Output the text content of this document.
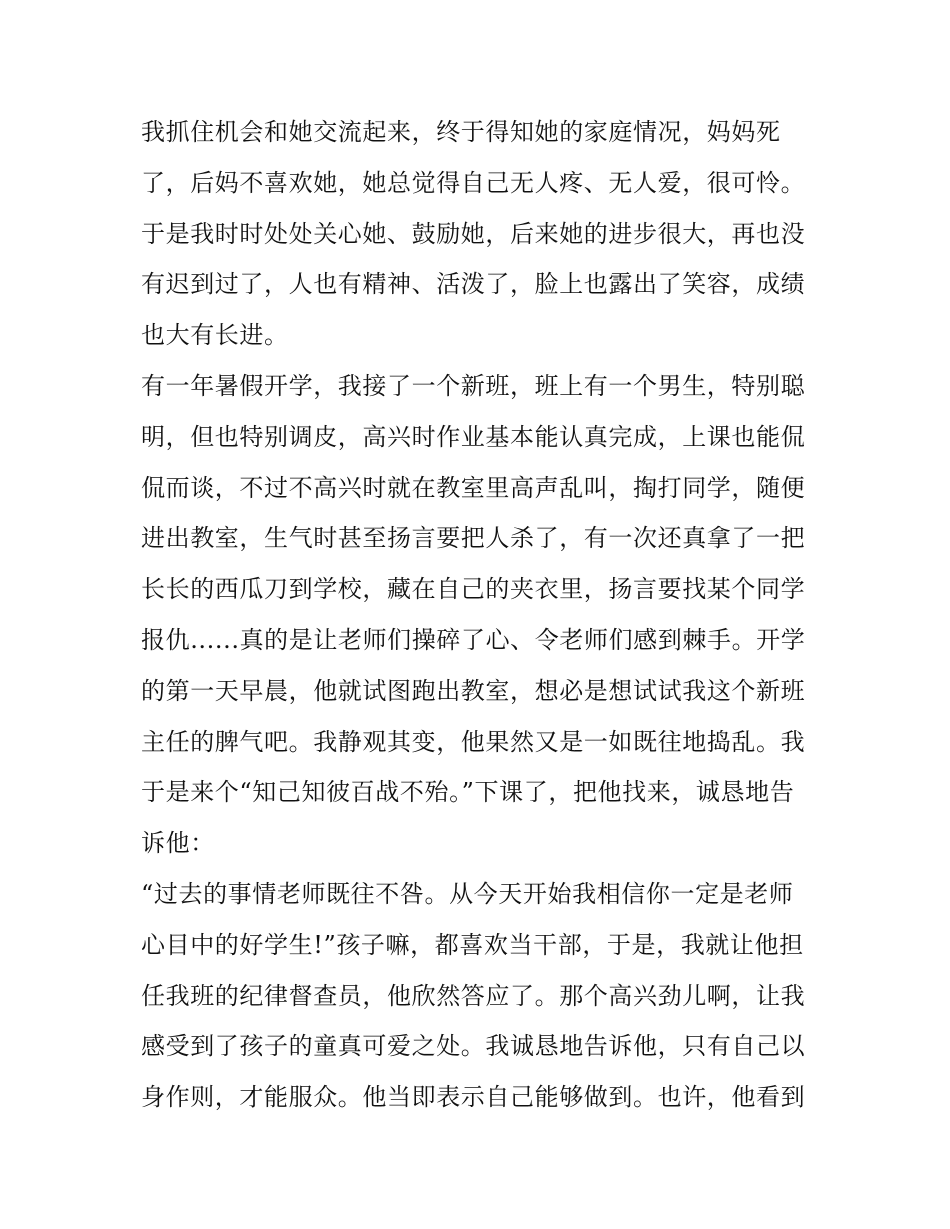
我抓住机会和她交流起来，终于得知她的家庭情况，妈妈死
了，后妈不喜欢她，她总觉得自己无人疼、无人爱，很可怜。
于是我时时处处关心她、鼓励她，后来她的进步很大，再也没
有迟到过了，人也有精神、活泼了，脸上也露出了笑容，成绩
也大有长进。
有一年暑假开学，我接了一个新班，班上有一个男生，特别聪
明，但也特别调皮，高兴时作业基本能认真完成，上课也能侃
侃而谈，不过不高兴时就在教室里高声乱叫，掏打同学，随便
进出教室，生气时甚至扬言要把人杀了，有一次还真拿了一把
长长的西瓜刀到学校，藏在自己的夹衣里，扬言要找某个同学
报仇......真的是让老师们操碎了心、令老师们感到棘手。开学
的第一天早晨，他就试图跑出教室，想必是想试试我这个新班
主任的脾气吧。我静观其变，他果然又是一如既往地捣乱。我
于是来个“知己知彼百战不殆。”下课了，把他找来，诚恳地告
诉他：
“过去的事情老师既往不咎。从今天开始我相信你一定是老师
心目中的好学生!”孩子嘛，都喜欢当干部，于是，我就让他担
任我班的纪律督查员，他欣然答应了。那个高兴劲儿啊，让我
感受到了孩子的童真可爱之处。我诚恳地告诉他，只有自己以
身作则，才能服众。他当即表示自己能够做到。也许，他看到
